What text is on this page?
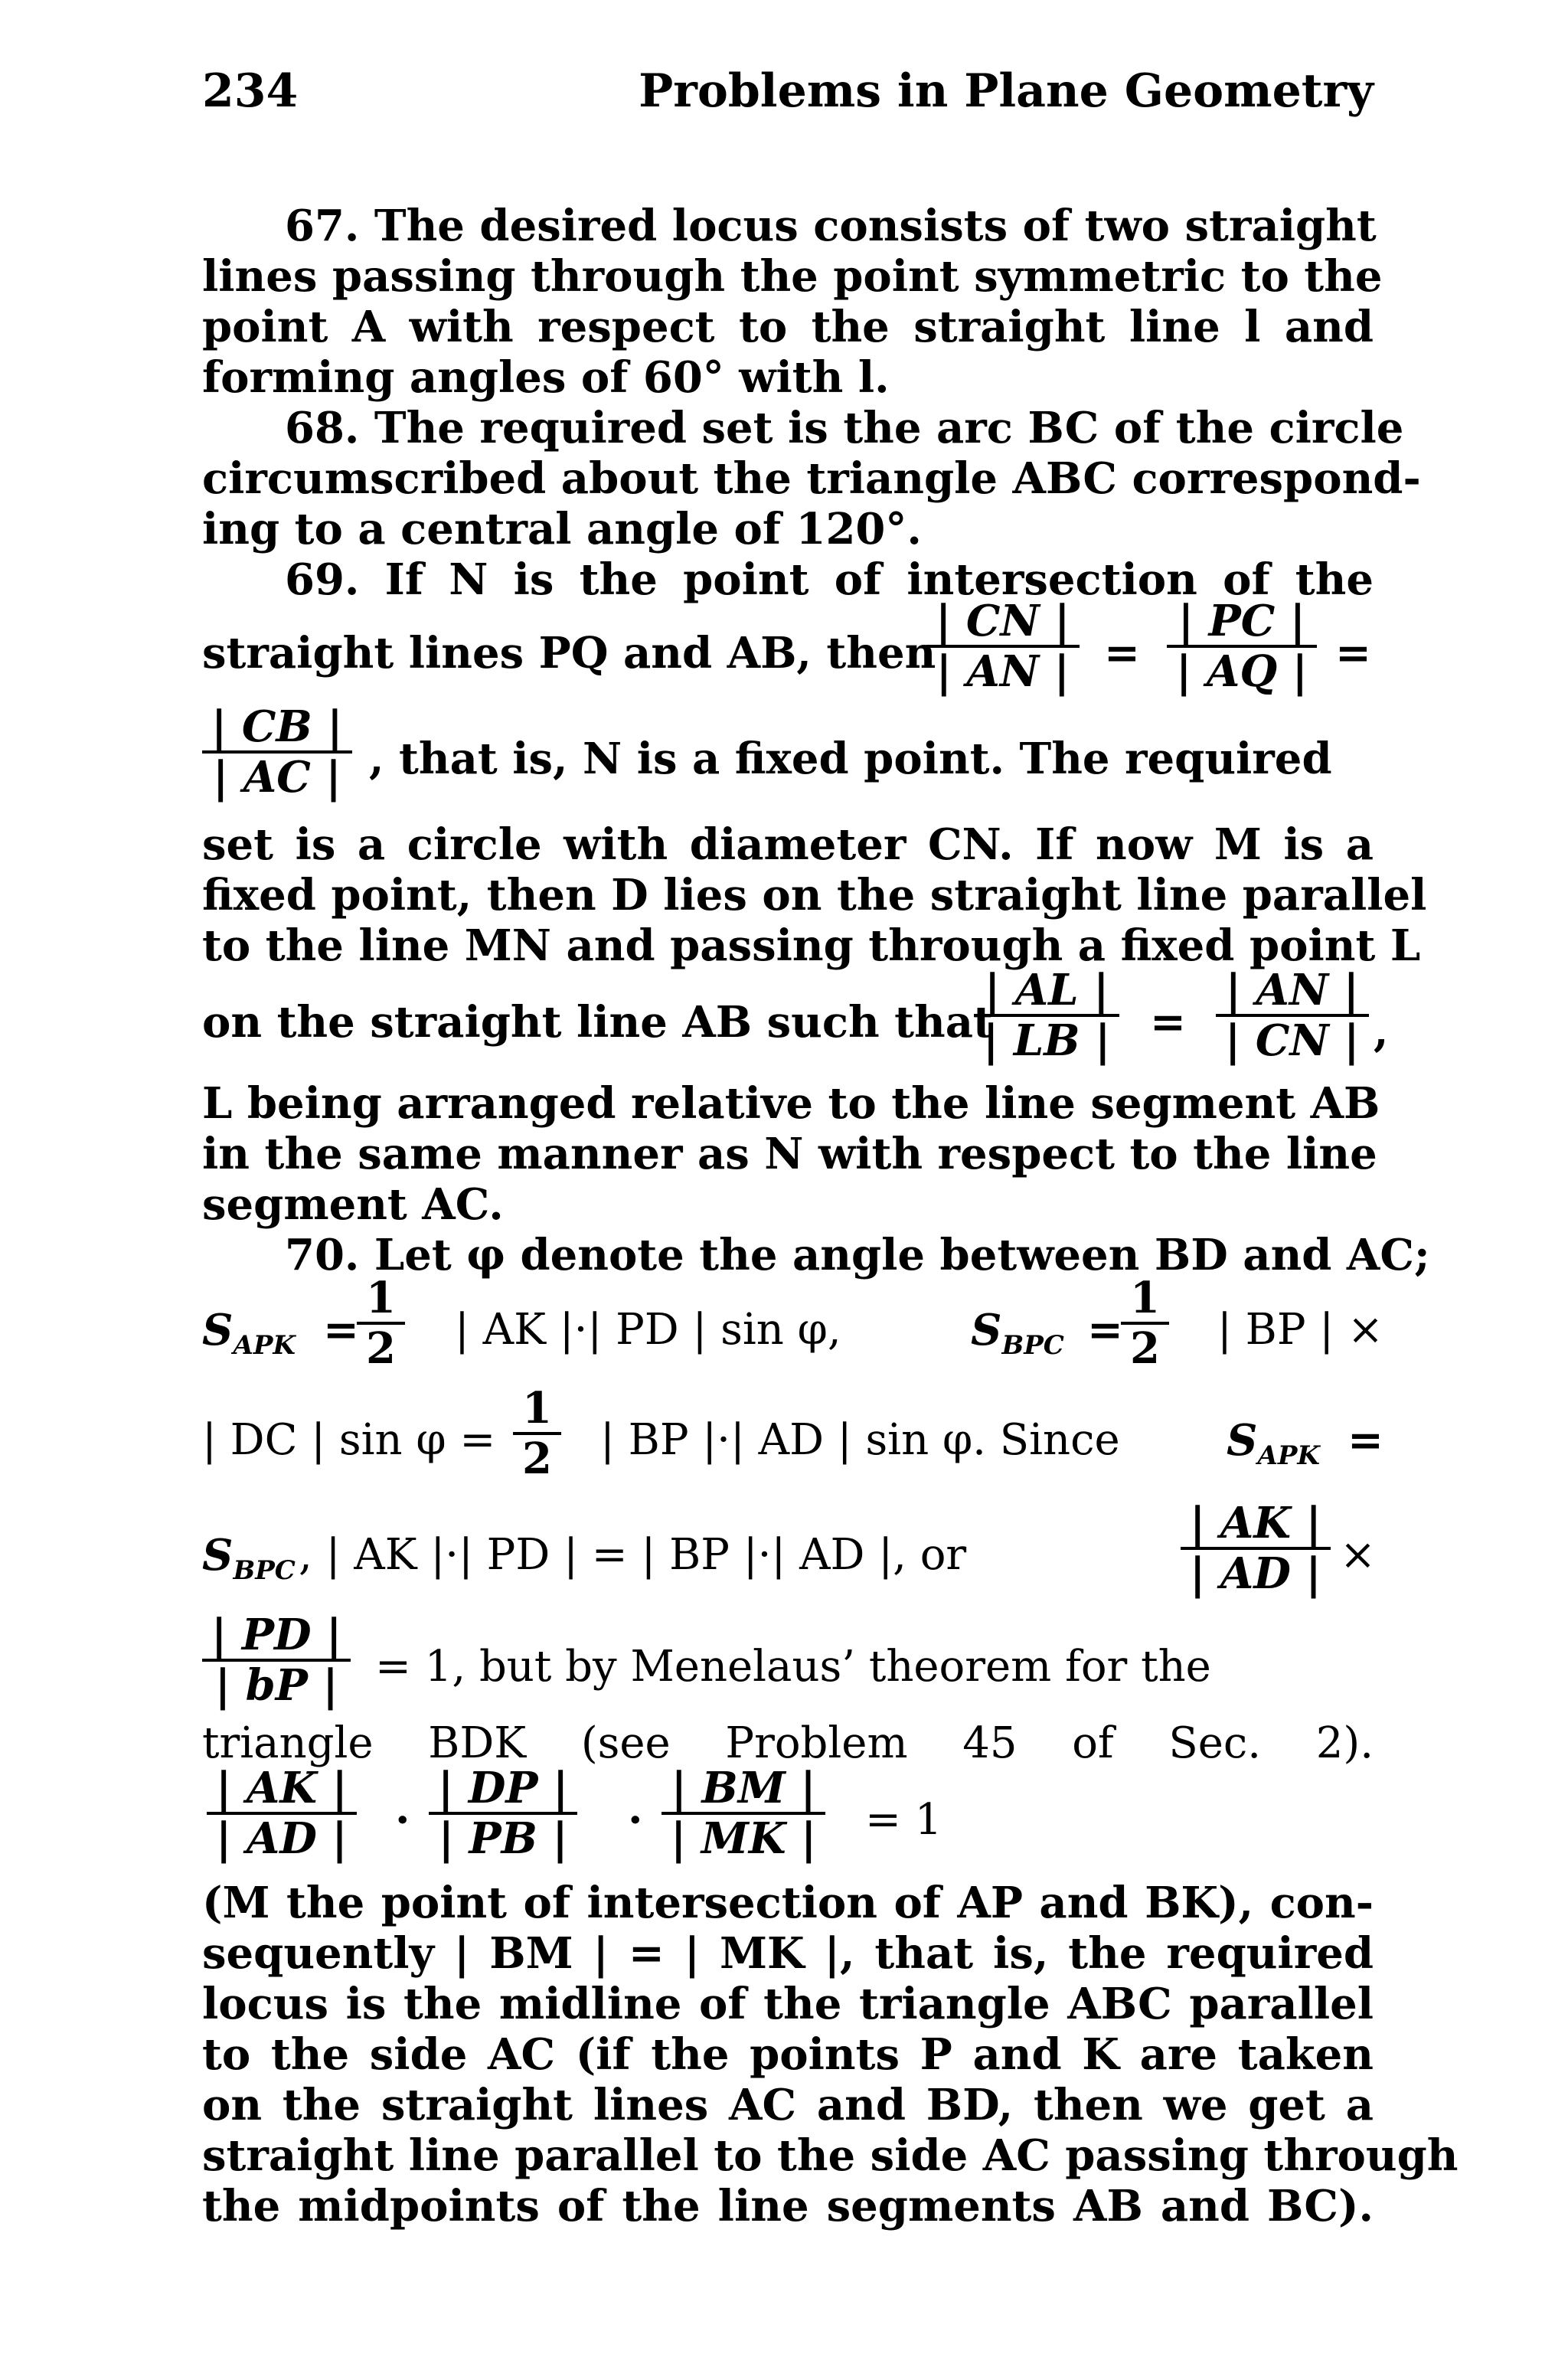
234	Problems in Plane Geometry
67. The desired locus consists of two straight
lines passing through the point symmetric to the
point A with respect to the straight line l and
forming angles of 60° with l.
68. The required set is the arc BC of the circle
circumscribed about the triangle ABC correspond-
ing to a central angle of 120°.
69. If N is the point of intersection of the
straight lines PQ and AB, then
$\frac{| CN |}{| AN |} = \frac{| PC |}{| AQ |}$ =
$\frac{| CB |}{| AC |}$ , that is, N is a fixed point. The required
set is a circle with diameter CN. If now M is a
fixed point, then D lies on the straight line parallel
to the line MN and passing through a fixed point L
on the straight line AB such that
$\frac{| AL |}{| LB |} = \frac{| AN |}{| CN |}$ ,
L being arranged relative to the line segment AB
in the same manner as N with respect to the line
segment AC.
70. Let φ denote the angle between BD and AC;
$S_{APK}$ =
$\frac{1}{2}$ | AK |·| PD | sin φ,	$S_{BPC}$ =
$\frac{1}{2}$ | BP | ×
| DC | $\sin \varphi = \frac{1}{2}$ | BP |·| AD | sin φ. Since $S_{APK}$ =
$S_{BPC}$ , | AK |·| PD | = | BP |·| AD |, or	$\frac{| AK |}{| AD |}$ ×
$\frac{| PD |}{| bP |} = 1$, but by Menelaus’ theorem for the
triangle BDK (see Problem 45 of Sec. 2).
$\frac{| AK |}{| AD |} \cdot \frac{| DP |}{| PB |} \cdot \frac{| BM |}{| MK |} = 1$
(M the point of intersection of AP and BK), con-
sequently | BM | = | MK |, that is, the required
locus is the midline of the triangle ABC parallel
to the side AC (if the points P and K are taken
on the straight lines AC and BD, then we get a
straight line parallel to the side AC passing through
the midpoints of the line segments AB and BC).
